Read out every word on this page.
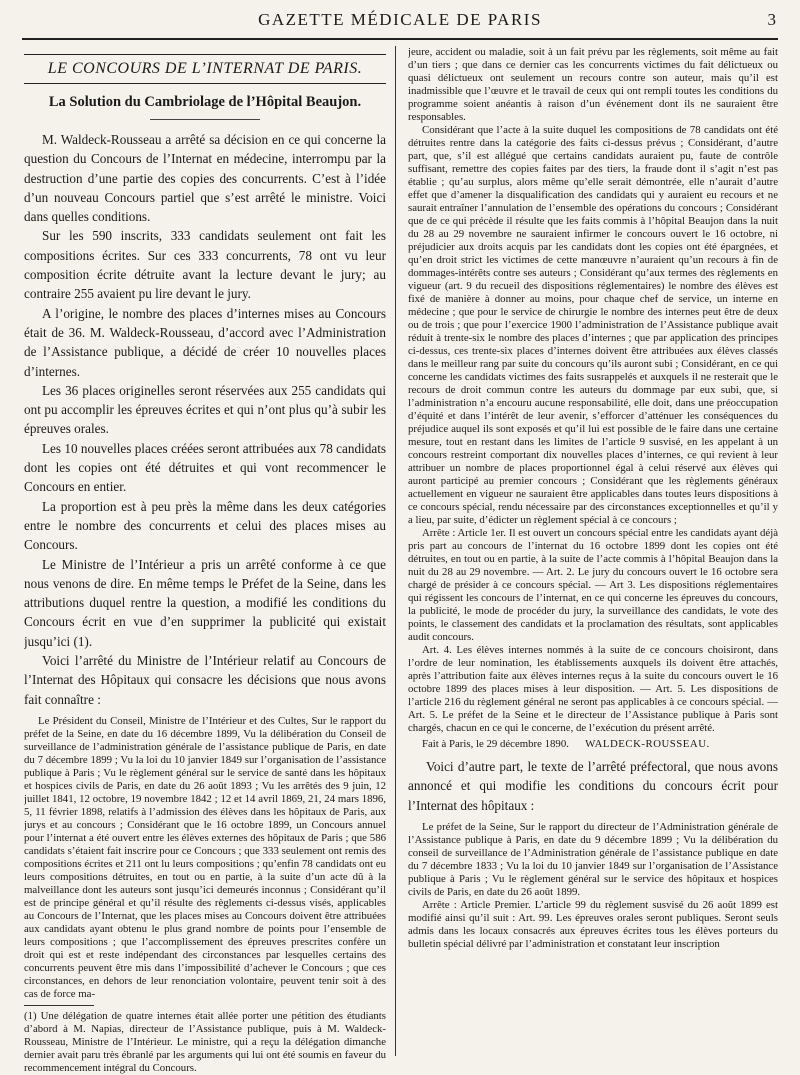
GAZETTE MÉDICALE DE PARIS	3
LE CONCOURS DE L’INTERNAT DE PARIS.
La Solution du Cambriolage de l’Hôpital Beaujon.

M. Waldeck-Rousseau a arrêté sa décision en ce qui concerne la question du Concours de l’Internat en médecine, interrompu par la destruction d’une partie des copies des concurrents. C’est à l’idée d’un nouveau Concours partiel que s’est arrêté le ministre. Voici dans quelles conditions.

Sur les 590 inscrits, 333 candidats seulement ont fait les compositions écrites. Sur ces 333 concurrents, 78 ont vu leur composition écrite détruite avant la lecture devant le jury; au contraire 255 avaient pu lire devant le jury.

A l’origine, le nombre des places d’internes mises au Concours était de 36. M. Waldeck-Rousseau, d’accord avec l’Administration de l’Assistance publique, a décidé de créer 10 nouvelles places d’internes.

Les 36 places originelles seront réservées aux 255 candidats qui ont pu accomplir les épreuves écrites et qui n’ont plus qu’à subir les épreuves orales.

Les 10 nouvelles places créées seront attribuées aux 78 candidats dont les copies ont été détruites et qui vont recommencer le Concours en entier.

La proportion est à peu près la même dans les deux catégories entre le nombre des concurrents et celui des places mises au Concours.

Le Ministre de l’Intérieur a pris un arrêté conforme à ce que nous venons de dire. En même temps le Préfet de la Seine, dans les attributions duquel rentre la question, a modifié les conditions du Concours écrit en vue d’en supprimer la publicité qui existait jusqu’ici (1).

Voici l’arrêté du Ministre de l’Intérieur relatif au Concours de l’Internat des Hôpitaux qui consacre les décisions que nous avons fait connaître :

Le Président du Conseil, Ministre de l’Intérieur et des Cultes, Sur le rapport du préfet de la Seine, en date du 16 décembre 1899, Vu la délibération du Conseil de surveillance de l’administration générale de l’assistance publique de Paris, en date du 7 décembre 1899 ; Vu la loi du 10 janvier 1849 sur l’organisation de l’assistance publique à Paris ; Vu le règlement général sur le service de santé dans les hôpitaux et hospices civils de Paris, en date du 26 août 1893 ; Vu les arrêtés des 9 juin, 12 juillet 1841, 12 octobre, 19 novembre 1842 ; 12 et 14 avril 1869, 21, 24 mars 1896, 5, 11 février 1898, relatifs à l’admission des élèves dans les hôpitaux de Paris, aux jurys et au concours ; Considérant que le 16 octobre 1899, un Concours annuel pour l’internat a été ouvert entre les élèves externes des hôpitaux de Paris ; que 586 candidats s’étaient fait inscrire pour ce Concours ; que 333 seulement ont remis des compositions écrites et 211 ont lu leurs compositions ; qu’enfin 78 candidats ont eu leurs compositions détruites, en tout ou en partie, à la suite d’un acte dû à la malveillance dont les auteurs sont jusqu’ici demeurés inconnus ; Considérant qu’il est de principe général et qu’il résulte des règlements ci-dessus visés, applicables au Concours de l’Internat, que les places mises au Concours doivent être attribuées aux candidats ayant obtenu le plus grand nombre de points pour l’ensemble de leurs compositions ; que l’accomplissement des épreuves prescrites confère un droit qui est et reste indépendant des circonstances par lesquelles certains des concurrents peuvent être mis dans l’impossibilité d’achever le Concours ; que ces circonstances, en dehors de leur renonciation volontaire, peuvent tenir soit à des cas de force ma-

(1) Une délégation de quatre internes était allée porter une pétition des étudiants d’abord à M. Napias, directeur de l’Assistance publique, puis à M. Waldeck-Rousseau, Ministre de l’Intérieur. Le ministre, qui a reçu la délégation dimanche dernier avait paru très ébranlé par les arguments qui lui ont été soumis en faveur du recommencement intégral du Concours.

jeure, accident ou maladie, soit à un fait prévu par les règlements, soit même au fait d’un tiers ; que dans ce dernier cas les concurrents victimes du fait délictueux ou quasi délictueux ont seulement un recours contre son auteur, mais qu’il est inadmissible que l’œuvre et le travail de ceux qui ont rempli toutes les conditions du programme soient anéantis à raison d’un événement dont ils ne sauraient être responsables.

Considérant que l’acte à la suite duquel les compositions de 78 candidats ont été détruites rentre dans la catégorie des faits ci-dessus prévus ; Considérant, d’autre part, que, s’il est allégué que certains candidats auraient pu, faute de contrôle suffisant, remettre des copies faites par des tiers, la fraude dont il s’agit n’est pas établie ; qu’au surplus, alors même qu’elle serait démontrée, elle n’aurait d’autre effet que d’amener la disqualification des candidats qui y auraient eu recours et ne saurait entraîner l’annulation de l’ensemble des opérations du concours ; Considérant que de ce qui précède il résulte que les faits commis à l’hôpital Beaujon dans la nuit du 28 au 29 novembre ne sauraient infirmer le concours ouvert le 16 octobre, ni préjudicier aux droits acquis par les candidats dont les copies ont été épargnées, et qu’en droit strict les victimes de cette manœuvre n’auraient qu’un recours à fin de dommages-intérêts contre ses auteurs ; Considérant qu’aux termes des règlements en vigueur (art. 9 du recueil des dispositions réglementaires) le nombre des élèves est fixé de manière à donner au moins, pour chaque chef de service, un interne en médecine ; que pour le service de chirurgie le nombre des internes peut être de deux ou de trois ; que pour l’exercice 1900 l’administration de l’Assistance publique avait réduit à trente-six le nombre des places d’internes ; que par application des principes ci-dessus, ces trente-six places d’internes doivent être attribuées aux élèves classés dans le meilleur rang par suite du concours qu’ils auront subi ; Considérant, en ce qui concerne les candidats victimes des faits susrappelés et auxquels il ne resterait que le recours de droit commun contre les auteurs du dommage par eux subi, que, si l’administration n’a encouru aucune responsabilité, elle doit, dans une préoccupation d’équité et dans l’intérêt de leur avenir, s’efforcer d’atténuer les conséquences du préjudice auquel ils sont exposés et qu’il lui est possible de le faire dans une certaine mesure, tout en restant dans les limites de l’article 9 susvisé, en les appelant à un concours restreint comportant dix nouvelles places d’internes, ce qui revient à leur attribuer un nombre de places proportionnel égal à celui réservé aux élèves qui auront participé au premier concours ; Considérant que les règlements généraux actuellement en vigueur ne sauraient être applicables dans toutes leurs dispositions à ce concours spécial, rendu nécessaire par des circonstances exceptionnelles et qu’il y a lieu, par suite, d’édicter un règlement spécial à ce concours ;

Arrête : Article 1er. Il est ouvert un concours spécial entre les candidats ayant déjà pris part au concours de l’internat du 16 octobre 1899 dont les copies ont été détruites, en tout ou en partie, à la suite de l’acte commis à l’hôpital Beaujon dans la nuit du 28 au 29 novembre. — Art. 2. Le jury du concours ouvert le 16 octobre sera chargé de présider à ce concours spécial. — Art 3. Les dispositions réglementaires qui régissent les concours de l’internat, en ce qui concerne les épreuves du concours, la publicité, le mode de procéder du jury, la surveillance des candidats, le vote des points, le classement des candidats et la proclamation des résultats, sont applicables audit concours.

Art. 4. Les élèves internes nommés à la suite de ce concours choisiront, dans l’ordre de leur nomination, les établissements auxquels ils doivent être attachés, après l’attribution faite aux élèves internes reçus à la suite du concours ouvert le 16 octobre 1899 des places mises à leur disposition. — Art. 5. Les dispositions de l’article 216 du règlement général ne seront pas applicables à ce concours spécial. — Art. 5. Le préfet de la Seine et le directeur de l’Assistance publique à Paris sont chargés, chacun en ce qui le concerne, de l’exécution du présent arrêté.

Fait à Paris, le 29 décembre 1890. WALDECK-ROUSSEAU.

Voici d’autre part, le texte de l’arrêté préfectoral, que nous avons annoncé et qui modifie les conditions du concours écrit pour l’Internat des hôpitaux :

Le préfet de la Seine, Sur le rapport du directeur de l’Administration générale de l’Assistance publique à Paris, en date du 9 décembre 1899 ; Vu la délibération du conseil de surveillance de l’Administration générale de l’assistance publique en date du 7 décembre 1833 ; Vu la loi du 10 janvier 1849 sur l’organisation de l’Assistance publique à Paris ; Vu le règlement général sur le service des hôpitaux et hospices civils de Paris, en date du 26 août 1899.

Arrête : Article Premier. L’article 99 du règlement susvisé du 26 août 1899 est modifié ainsi qu’il suit : Art. 99. Les épreuves orales seront publiques. Seront seuls admis dans les locaux consacrés aux épreuves écrites tous les élèves porteurs du bulletin spécial délivré par l’administration et constatant leur inscription
